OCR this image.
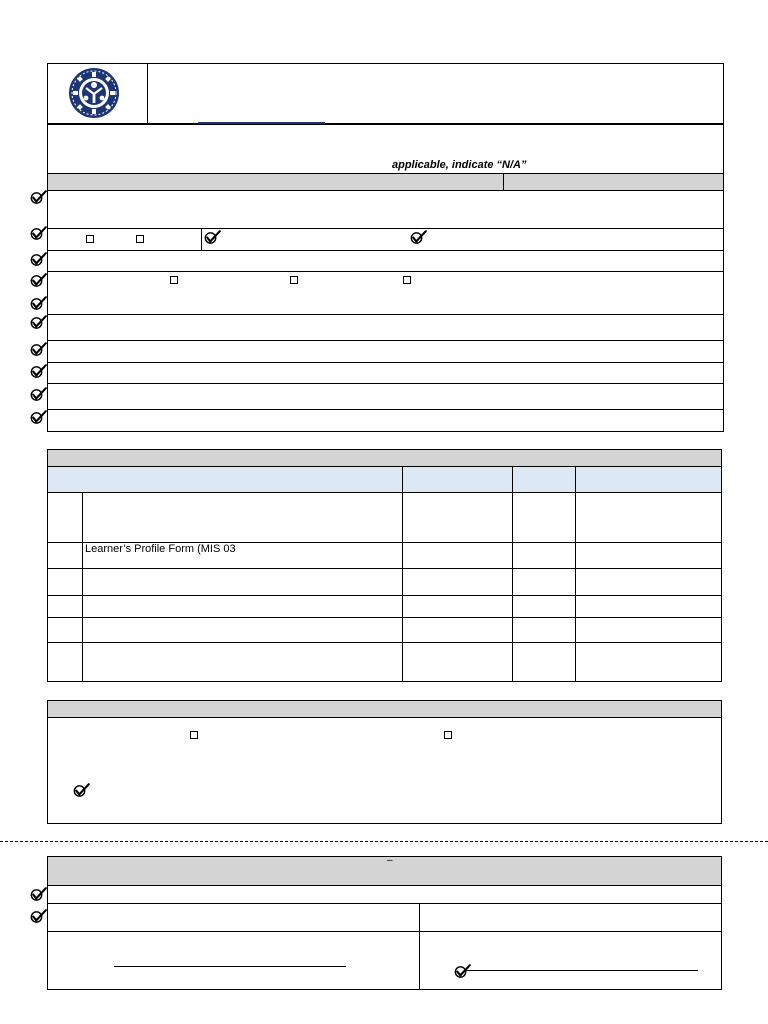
applicable, indicate “N/A”
Learner’s Profile Form (MIS 03
–
